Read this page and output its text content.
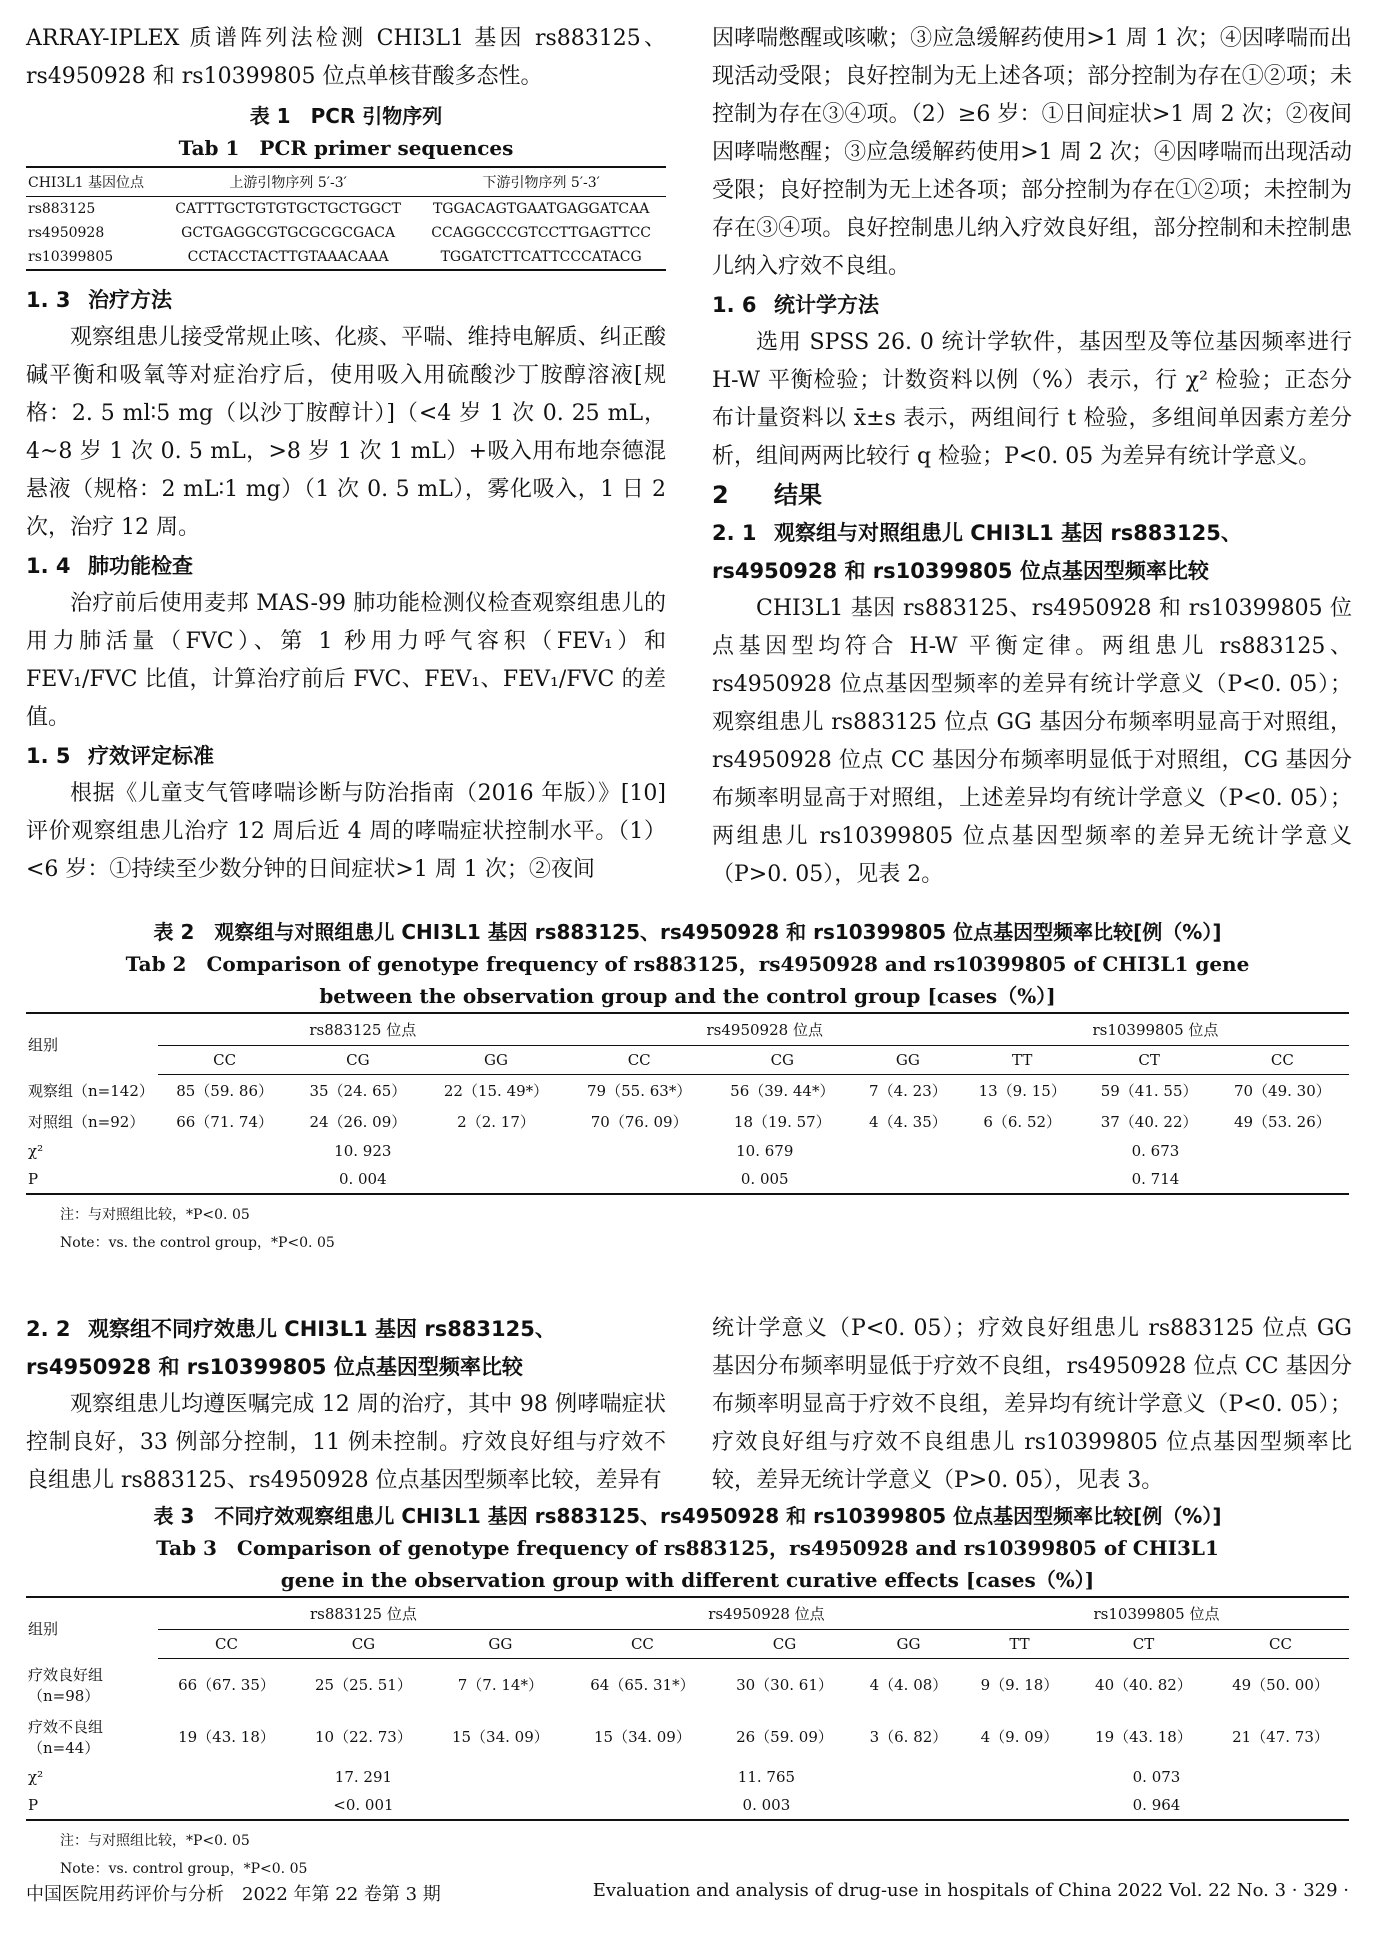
ARRAY-IPLEX 质谱阵列法检测 CHI3L1 基因 rs883125、rs4950928 和 rs10399805 位点单核苷酸多态性。

表 1　PCR 引物序列
Tab 1　PCR primer sequences
CHI3L1 基因位点	上游引物序列 5′-3′	下游引物序列 5′-3′
rs883125	CATTTGCTGTGTGCTGCTGGCT	TGGACAGTGAATGAGGATCAA
rs4950928	GCTGAGGCGTGCGCGCGACA	CCAGGCCCGTCCTTGAGTTCC
rs10399805	CCTACCTACTTGTAAACAAA	TGGATCTTCATTCCCATACG
1. 3 治疗方法

观察组患儿接受常规止咳、化痰、平喘、维持电解质、纠正酸碱平衡和吸氧等对症治疗后，使用吸入用硫酸沙丁胺醇溶液[规格：2. 5 ml∶5 mg（以沙丁胺醇计）]（<4 岁 1 次 0. 25 mL，4~8 岁 1 次 0. 5 mL，>8 岁 1 次 1 mL）+吸入用布地奈德混悬液（规格：2 mL∶1 mg）（1 次 0. 5 mL），雾化吸入，1 日 2 次，治疗 12 周。

1. 4 肺功能检查

治疗前后使用麦邦 MAS-99 肺功能检测仪检查观察组患儿的用力肺活量（FVC）、第 1 秒用力呼气容积（FEV₁）和 FEV₁/FVC 比值，计算治疗前后 FVC、FEV₁、FEV₁/FVC 的差值。

1. 5 疗效评定标准

根据《儿童支气管哮喘诊断与防治指南（2016 年版）》[10] 评价观察组患儿治疗 12 周后近 4 周的哮喘症状控制水平。（1）<6 岁：①持续至少数分钟的日间症状>1 周 1 次；②夜间

因哮喘憋醒或咳嗽；③应急缓解药使用>1 周 1 次；④因哮喘而出现活动受限；良好控制为无上述各项；部分控制为存在①②项；未控制为存在③④项。（2）≥6 岁：①日间症状>1 周 2 次；②夜间因哮喘憋醒；③应急缓解药使用>1 周 2 次；④因哮喘而出现活动受限；良好控制为无上述各项；部分控制为存在①②项；未控制为存在③④项。良好控制患儿纳入疗效良好组，部分控制和未控制患儿纳入疗效不良组。

1. 6 统计学方法

选用 SPSS 26. 0 统计学软件，基因型及等位基因频率进行 H-W 平衡检验；计数资料以例（%）表示，行 χ² 检验；正态分布计量资料以 x̄±s 表示，两组间行 t 检验，多组间单因素方差分析，组间两两比较行 q 检验；P<0. 05 为差异有统计学意义。

2 结果
2. 1 观察组与对照组患儿 CHI3L1 基因 rs883125、rs4950928 和 rs10399805 位点基因型频率比较

CHI3L1 基因 rs883125、rs4950928 和 rs10399805 位点基因型均符合 H-W 平衡定律。两组患儿 rs883125、rs4950928 位点基因型频率的差异有统计学意义（P<0. 05）；观察组患儿 rs883125 位点 GG 基因分布频率明显高于对照组，rs4950928 位点 CC 基因分布频率明显低于对照组，CG 基因分布频率明显高于对照组，上述差异均有统计学意义（P<0. 05）；两组患儿 rs10399805 位点基因型频率的差异无统计学意义（P>0. 05），见表 2。

表 2　观察组与对照组患儿 CHI3L1 基因 rs883125、rs4950928 和 rs10399805 位点基因型频率比较[例（%）]
Tab 2　Comparison of genotype frequency of rs883125，rs4950928 and rs10399805 of CHI3L1 gene between the observation group and the control group [cases（%）]
组别	rs883125 位点			rs4950928 位点			rs10399805 位点		
	CC	CG	GG	CC	CG	GG	TT	CT	CC
观察组（n=142）	85（59. 86）	35（24. 65）	22（15. 49*）	79（55. 63*）	56（39. 44*）	7（4. 23）	13（9. 15）	59（41. 55）	70（49. 30）
对照组（n=92）	66（71. 74）	24（26. 09）	2（2. 17）	70（76. 09）	18（19. 57）	4（4. 35）	6（6. 52）	37（40. 22）	49（53. 26）
χ²	10. 923			10. 679			0. 673		
P	0. 004			0. 005			0. 714		
注：与对照组比较，*P<0. 05
Note：vs. the control group，*P<0. 05
2. 2 观察组不同疗效患儿 CHI3L1 基因 rs883125、rs4950928 和 rs10399805 位点基因型频率比较

观察组患儿均遵医嘱完成 12 周的治疗，其中 98 例哮喘症状控制良好，33 例部分控制，11 例未控制。疗效良好组与疗效不良组患儿 rs883125、rs4950928 位点基因型频率比较，差异有

统计学意义（P<0. 05）；疗效良好组患儿 rs883125 位点 GG 基因分布频率明显低于疗效不良组，rs4950928 位点 CC 基因分布频率明显高于疗效不良组，差异均有统计学意义（P<0. 05）；疗效良好组与疗效不良组患儿 rs10399805 位点基因型频率比较，差异无统计学意义（P>0. 05），见表 3。

表 3　不同疗效观察组患儿 CHI3L1 基因 rs883125、rs4950928 和 rs10399805 位点基因型频率比较[例（%）]
Tab 3　Comparison of genotype frequency of rs883125，rs4950928 and rs10399805 of CHI3L1 gene in the observation group with different curative effects [cases（%）]
组别	rs883125 位点			rs4950928 位点			rs10399805 位点		
	CC	CG	GG	CC	CG	GG	TT	CT	CC
疗效良好组（n=98）	66（67. 35）	25（25. 51）	7（7. 14*）	64（65. 31*）	30（30. 61）	4（4. 08）	9（9. 18）	40（40. 82）	49（50. 00）
疗效不良组（n=44）	19（43. 18）	10（22. 73）	15（34. 09）	15（34. 09）	26（59. 09）	3（6. 82）	4（9. 09）	19（43. 18）	21（47. 73）
χ²	17. 291			11. 765			0. 073		
P	<0. 001			0. 003			0. 964		
注：与对照组比较，*P<0. 05
Note：vs. control group，*P<0. 05
中国医院用药评价与分析　2022 年第 22 卷第 3 期	Evaluation and analysis of drug-use in hospitals of China 2022 Vol. 22 No. 3 · 329 ·
